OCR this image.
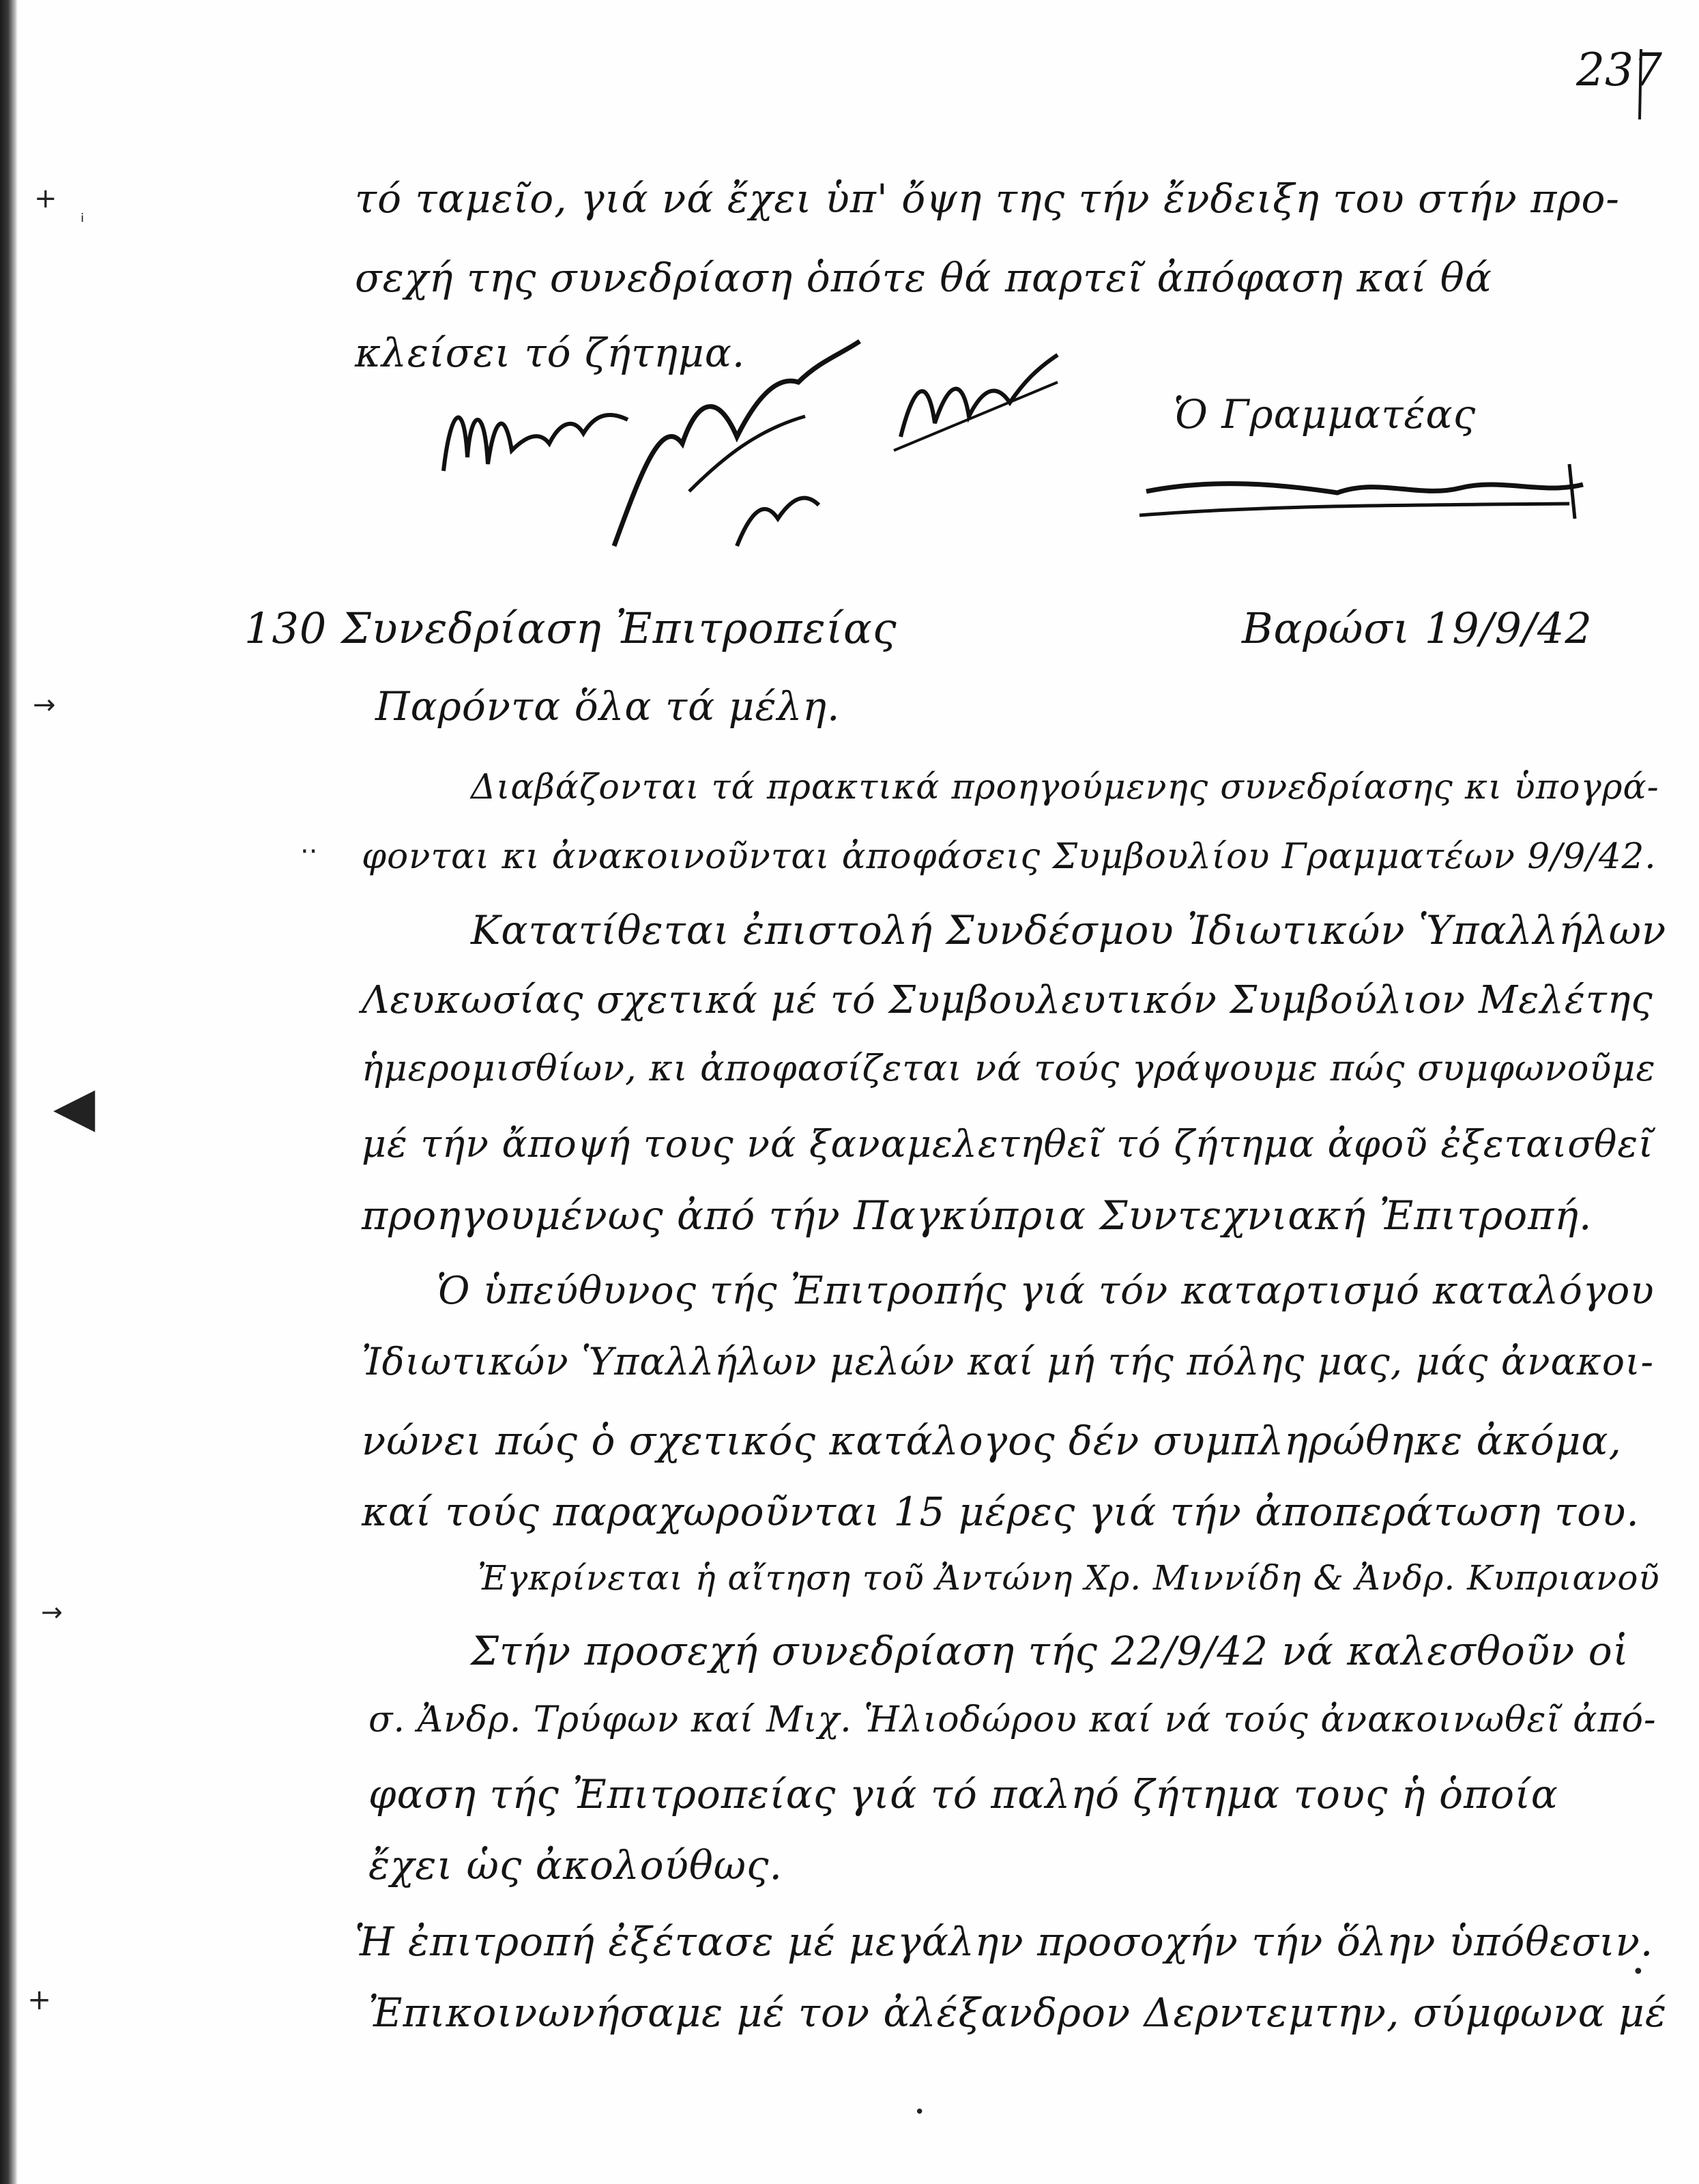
237
+
ᵢ
→
◀
→
+
··
τό ταμεῖο, γιά νά ἔχει ὑπ' ὄψη της τήν ἔνδειξη του στήν προ-
σεχή της συνεδρίαση ὁπότε θά παρτεῖ ἀπόφαση καί θά
κλείσει τό ζήτημα.
Ὁ Γραμματέας
130 Συνεδρίαση Ἐπιτροπείας	Βαρώσι 19/9/42
Παρόντα ὅλα τά μέλη.
Διαβάζονται τά πρακτικά προηγούμενης συνεδρίασης κι ὑπογρά-
φονται κι ἀνακοινοῦνται ἀποφάσεις Συμβουλίου Γραμματέων 9/9/42.
Κατατίθεται ἐπιστολή Συνδέσμου Ἰδιωτικών Ὑπαλλήλων
Λευκωσίας σχετικά μέ τό Συμβουλευτικόν Συμβούλιον Μελέτης
ἡμερομισθίων, κι ἀποφασίζεται νά τούς γράψουμε πώς συμφωνοῦμε
μέ τήν ἄποψή τους νά ξαναμελετηθεῖ τό ζήτημα ἀφοῦ ἐξεταισθεῖ
προηγουμένως ἀπό τήν Παγκύπρια Συντεχνιακή Ἐπιτροπή.
Ὁ ὑπεύθυνος τής Ἐπιτροπής γιά τόν καταρτισμό καταλόγου
Ἰδιωτικών Ὑπαλλήλων μελών καί μή τής πόλης μας, μάς ἀνακοι-
νώνει πώς ὁ σχετικός κατάλογος δέν συμπληρώθηκε ἀκόμα,
καί τούς παραχωροῦνται 15 μέρες γιά τήν ἀποπεράτωση του.
Ἐγκρίνεται ἡ αἴτηση τοῦ Ἀντώνη Χρ. Μιννίδη & Ἀνδρ. Κυπριανοῦ
Στήν προσεχή συνεδρίαση τής 22/9/42 νά καλεσθοῦν οἱ
σ. Ἀνδρ. Τρύφων καί Μιχ. Ἡλιοδώρου καί νά τούς ἀνακοινωθεῖ ἀπό-
φαση τής Ἐπιτροπείας γιά τό παληό ζήτημα τους ἡ ὁποία
ἔχει ὡς ἀκολούθως.
Ἡ ἐπιτροπή ἐξέτασε μέ μεγάλην προσοχήν τήν ὅλην ὑπόθεσιν.
Ἐπικοινωνήσαμε μέ τον ἀλέξανδρον Δερντεμτην, σύμφωνα μέ
•
•
